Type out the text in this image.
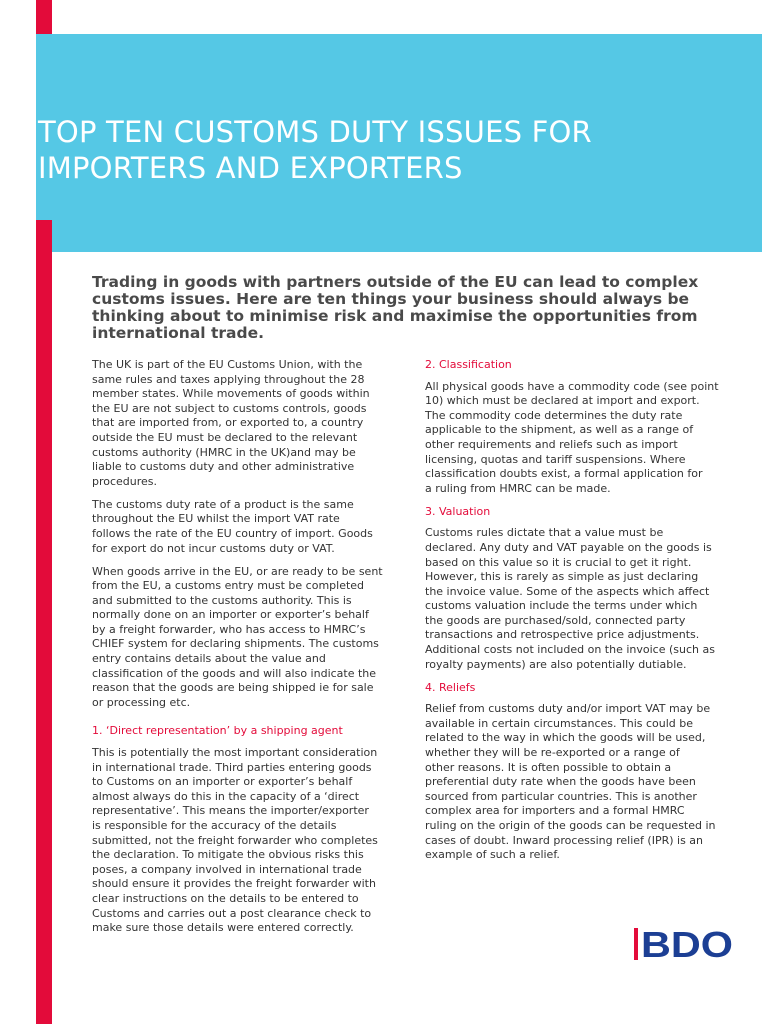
TOP TEN CUSTOMS DUTY ISSUES FOR
IMPORTERS AND EXPORTERS

Trading in goods with partners outside of the EU can lead to complex
customs issues. Here are ten things your business should always be
thinking about to minimise risk and maximise the opportunities from
international trade.

The UK is part of the EU Customs Union, with the
same rules and taxes applying throughout the 28
member states. While movements of goods within
the EU are not subject to customs controls, goods
that are imported from, or exported to, a country
outside the EU must be declared to the relevant
customs authority (HMRC in the UK)and may be
liable to customs duty and other administrative
procedures.

The customs duty rate of a product is the same
throughout the EU whilst the import VAT rate
follows the rate of the EU country of import. Goods
for export do not incur customs duty or VAT.

When goods arrive in the EU, or are ready to be sent
from the EU, a customs entry must be completed
and submitted to the customs authority. This is
normally done on an importer or exporter’s behalf
by a freight forwarder, who has access to HMRC’s
CHIEF system for declaring shipments. The customs
entry contains details about the value and
classification of the goods and will also indicate the
reason that the goods are being shipped ie for sale
or processing etc.

1. ‘Direct representation’ by a shipping agent

This is potentially the most important consideration
in international trade. Third parties entering goods
to Customs on an importer or exporter’s behalf
almost always do this in the capacity of a ‘direct
representative’. This means the importer/exporter
is responsible for the accuracy of the details
submitted, not the freight forwarder who completes
the declaration. To mitigate the obvious risks this
poses, a company involved in international trade
should ensure it provides the freight forwarder with
clear instructions on the details to be entered to
Customs and carries out a post clearance check to
make sure those details were entered correctly.

2. Classification

All physical goods have a commodity code (see point
10) which must be declared at import and export.
The commodity code determines the duty rate
applicable to the shipment, as well as a range of
other requirements and reliefs such as import
licensing, quotas and tariff suspensions. Where
classification doubts exist, a formal application for
a ruling from HMRC can be made.

3. Valuation

Customs rules dictate that a value must be
declared. Any duty and VAT payable on the goods is
based on this value so it is crucial to get it right.
However, this is rarely as simple as just declaring
the invoice value. Some of the aspects which affect
customs valuation include the terms under which
the goods are purchased/sold, connected party
transactions and retrospective price adjustments.
Additional costs not included on the invoice (such as
royalty payments) are also potentially dutiable.

4. Reliefs

Relief from customs duty and/or import VAT may be
available in certain circumstances. This could be
related to the way in which the goods will be used,
whether they will be re-exported or a range of
other reasons. It is often possible to obtain a
preferential duty rate when the goods have been
sourced from particular countries. This is another
complex area for importers and a formal HMRC
ruling on the origin of the goods can be requested in
cases of doubt. Inward processing relief (IPR) is an
example of such a relief.

BDO
